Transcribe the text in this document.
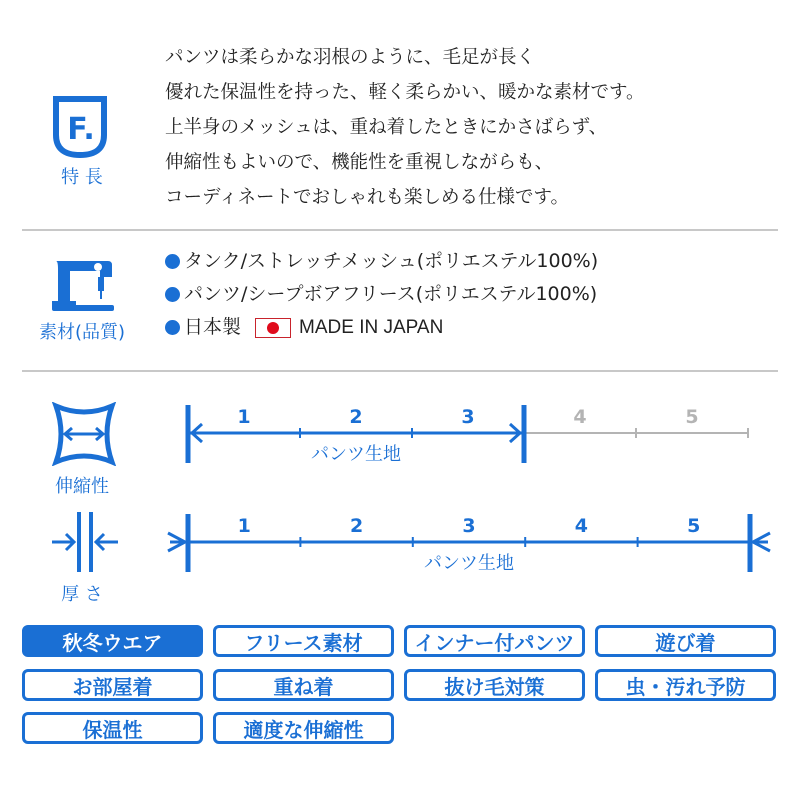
F.
特 長
パンツは柔らかな羽根のように、毛足が長く
優れた保温性を持った、軽く柔らかい、暖かな素材です。
上半身のメッシュは、重ね着したときにかさばらず、
伸縮性もよいので、機能性を重視しながらも、
コーディネートでおしゃれも楽しめる仕様です。
素材(品質)
タンク/ストレッチメッシュ(ポリエステル100%)
パンツ/シープボアフリース(ポリエステル100%)
日本製	MADE IN JAPAN
伸縮性
1	2	3	4	5
パンツ生地
厚 さ
1	2	3	4	5
パンツ生地
秋冬ウエア	フリース素材	インナー付パンツ	遊び着
お部屋着	重ね着	抜け毛対策	虫・汚れ予防
保温性	適度な伸縮性
